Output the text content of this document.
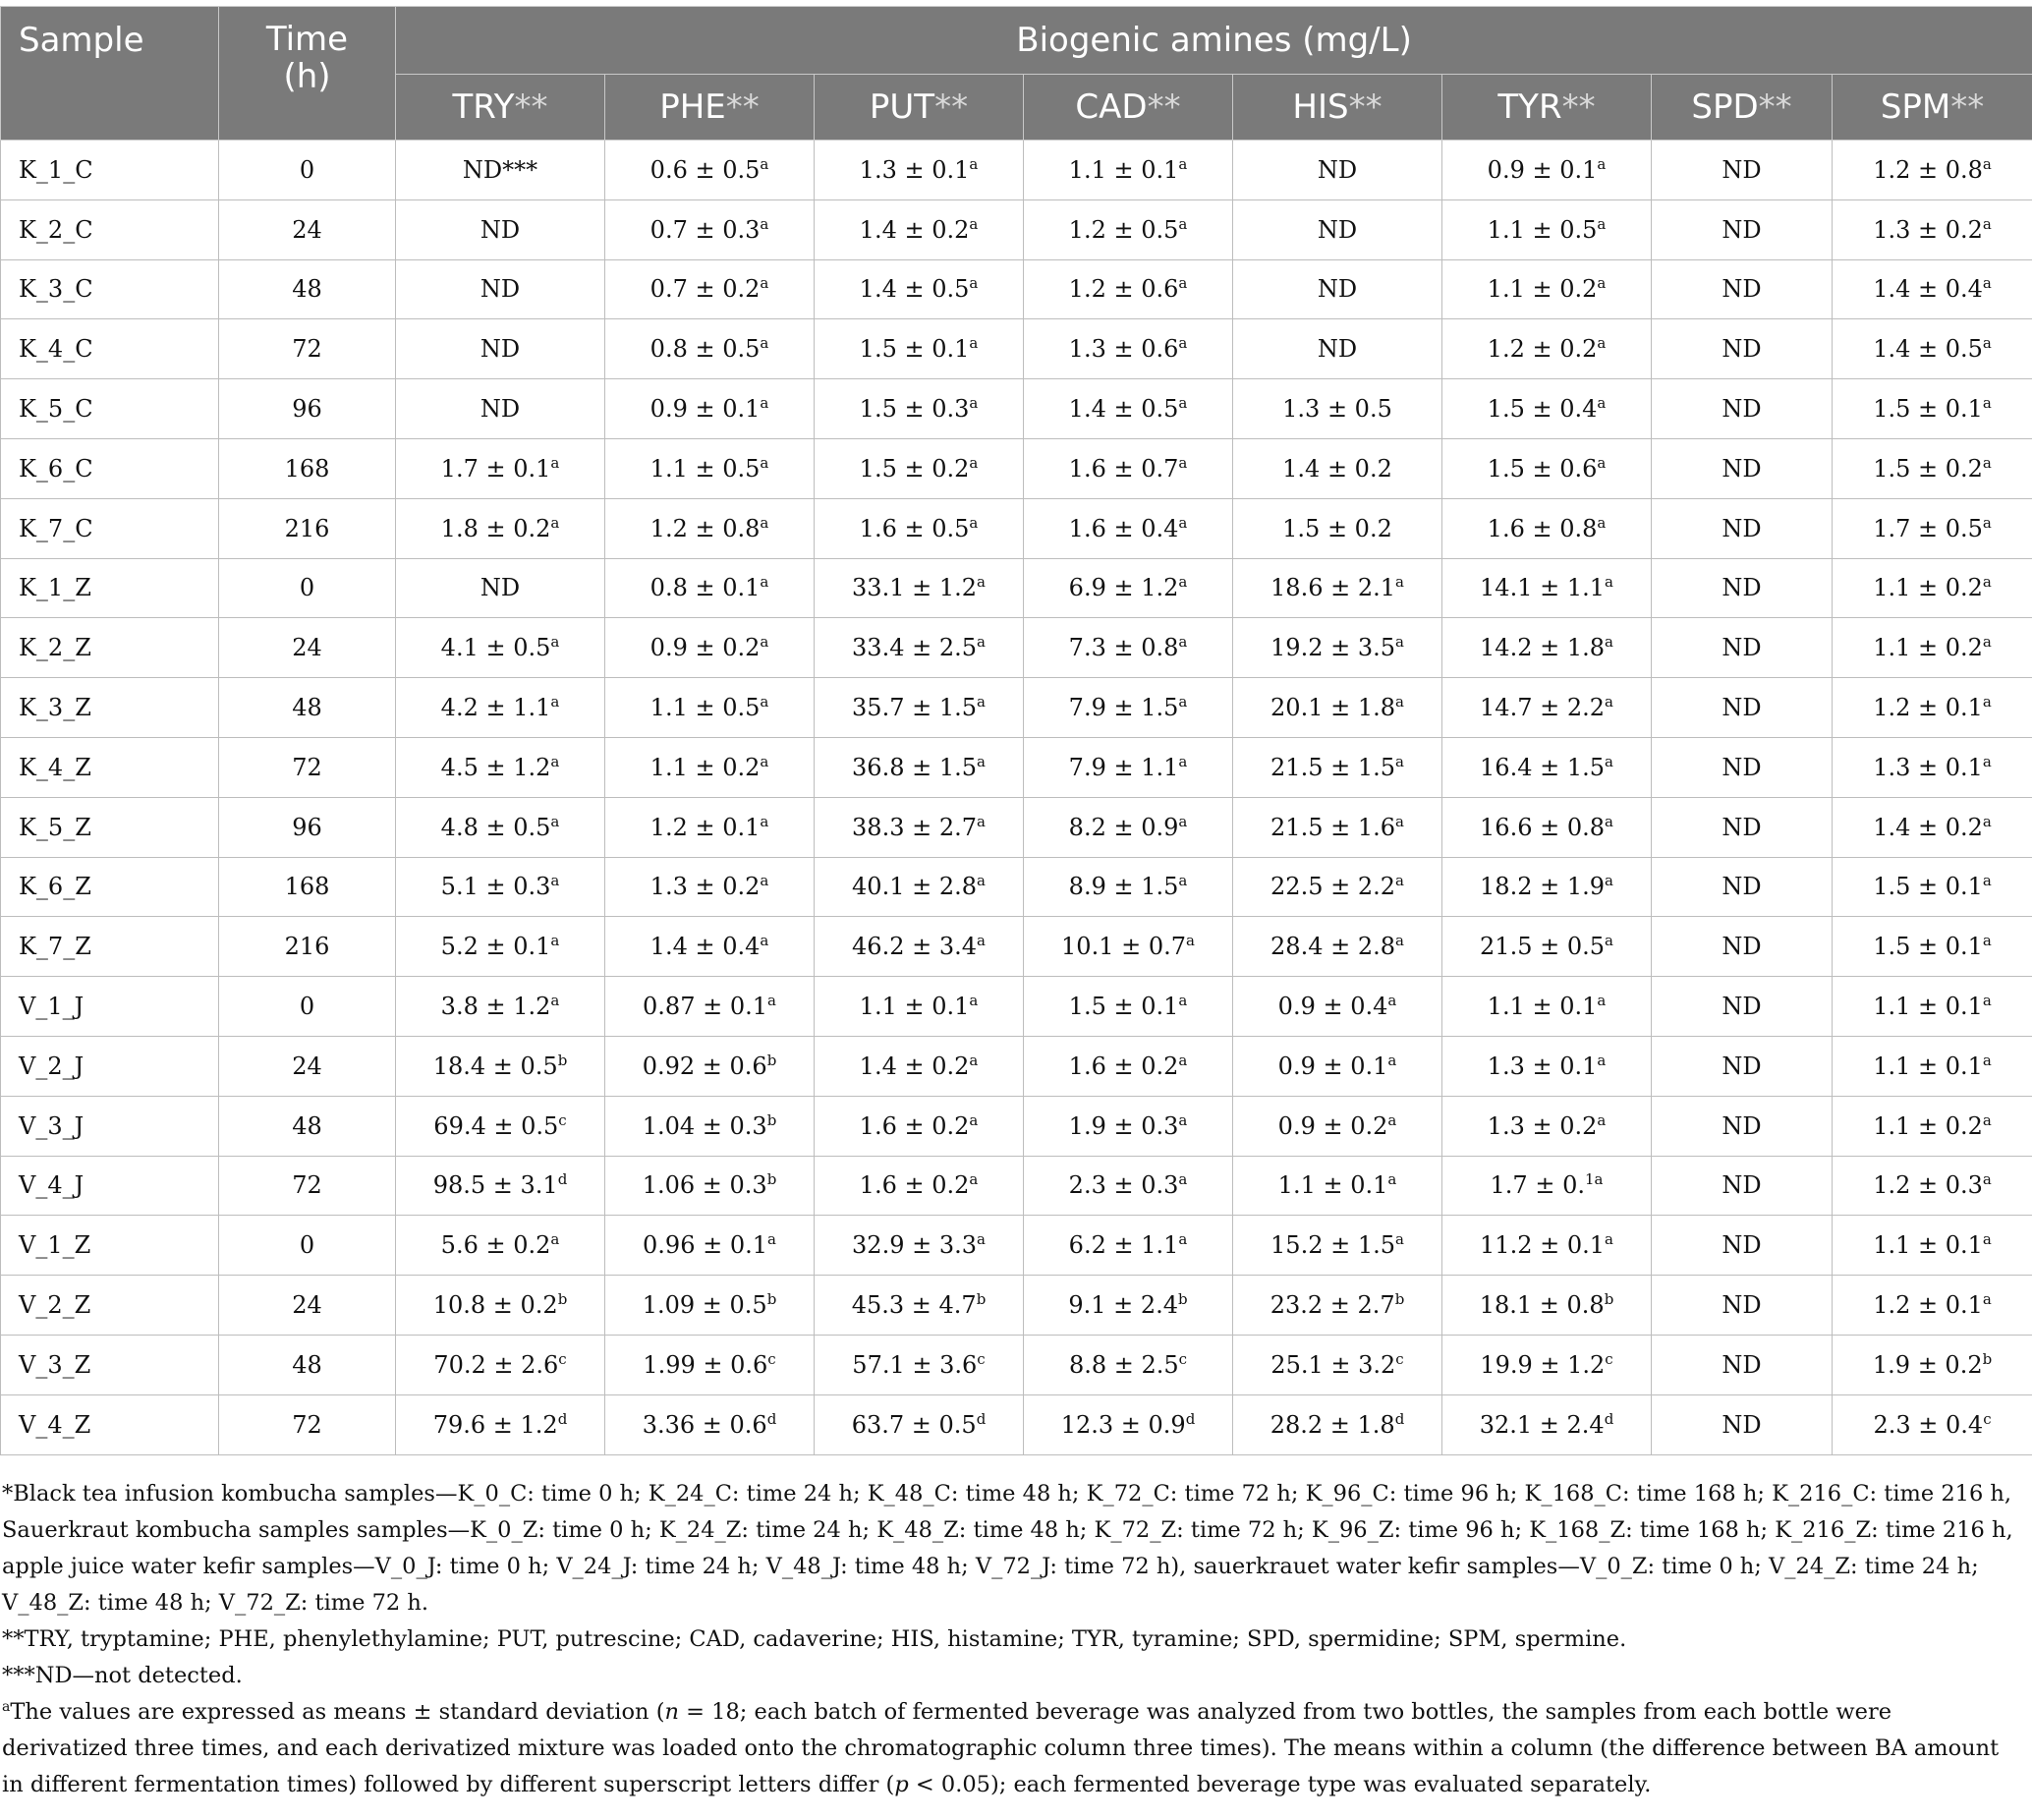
Sample	Time
(h)	Biogenic amines (mg/L)							
		TRY**	PHE**	PUT**	CAD**	HIS**	TYR**	SPD**	SPM**
K_1_C	0	ND***	0.6 ± 0.5$^a$	1.3 ± 0.1$^a$	1.1 ± 0.1$^a$	ND	0.9 ± 0.1$^a$	ND	1.2 ± 0.8$^a$
K_2_C	24	ND	0.7 ± 0.3$^a$	1.4 ± 0.2$^a$	1.2 ± 0.5$^a$	ND	1.1 ± 0.5$^a$	ND	1.3 ± 0.2$^a$
K_3_C	48	ND	0.7 ± 0.2$^a$	1.4 ± 0.5$^a$	1.2 ± 0.6$^a$	ND	1.1 ± 0.2$^a$	ND	1.4 ± 0.4$^a$
K_4_C	72	ND	0.8 ± 0.5$^a$	1.5 ± 0.1$^a$	1.3 ± 0.6$^a$	ND	1.2 ± 0.2$^a$	ND	1.4 ± 0.5$^a$
K_5_C	96	ND	0.9 ± 0.1$^a$	1.5 ± 0.3$^a$	1.4 ± 0.5$^a$	1.3 ± 0.5	1.5 ± 0.4$^a$	ND	1.5 ± 0.1$^a$
K_6_C	168	1.7 ± 0.1$^a$	1.1 ± 0.5$^a$	1.5 ± 0.2$^a$	1.6 ± 0.7$^a$	1.4 ± 0.2	1.5 ± 0.6$^a$	ND	1.5 ± 0.2$^a$
K_7_C	216	1.8 ± 0.2$^a$	1.2 ± 0.8$^a$	1.6 ± 0.5$^a$	1.6 ± 0.4$^a$	1.5 ± 0.2	1.6 ± 0.8$^a$	ND	1.7 ± 0.5$^a$
K_1_Z	0	ND	0.8 ± 0.1$^a$	33.1 ± 1.2$^a$	6.9 ± 1.2$^a$	18.6 ± 2.1$^a$	14.1 ± 1.1$^a$	ND	1.1 ± 0.2$^a$
K_2_Z	24	4.1 ± 0.5$^a$	0.9 ± 0.2$^a$	33.4 ± 2.5$^a$	7.3 ± 0.8$^a$	19.2 ± 3.5$^a$	14.2 ± 1.8$^a$	ND	1.1 ± 0.2$^a$
K_3_Z	48	4.2 ± 1.1$^a$	1.1 ± 0.5$^a$	35.7 ± 1.5$^a$	7.9 ± 1.5$^a$	20.1 ± 1.8$^a$	14.7 ± 2.2$^a$	ND	1.2 ± 0.1$^a$
K_4_Z	72	4.5 ± 1.2$^a$	1.1 ± 0.2$^a$	36.8 ± 1.5$^a$	7.9 ± 1.1$^a$	21.5 ± 1.5$^a$	16.4 ± 1.5$^a$	ND	1.3 ± 0.1$^a$
K_5_Z	96	4.8 ± 0.5$^a$	1.2 ± 0.1$^a$	38.3 ± 2.7$^a$	8.2 ± 0.9$^a$	21.5 ± 1.6$^a$	16.6 ± 0.8$^a$	ND	1.4 ± 0.2$^a$
K_6_Z	168	5.1 ± 0.3$^a$	1.3 ± 0.2$^a$	40.1 ± 2.8$^a$	8.9 ± 1.5$^a$	22.5 ± 2.2$^a$	18.2 ± 1.9$^a$	ND	1.5 ± 0.1$^a$
K_7_Z	216	5.2 ± 0.1$^a$	1.4 ± 0.4$^a$	46.2 ± 3.4$^a$	10.1 ± 0.7$^a$	28.4 ± 2.8$^a$	21.5 ± 0.5$^a$	ND	1.5 ± 0.1$^a$
V_1_J	0	3.8 ± 1.2$^a$	0.87 ± 0.1$^a$	1.1 ± 0.1$^a$	1.5 ± 0.1$^a$	0.9 ± 0.4$^a$	1.1 ± 0.1$^a$	ND	1.1 ± 0.1$^a$
V_2_J	24	18.4 ± 0.5$^b$	0.92 ± 0.6$^b$	1.4 ± 0.2$^a$	1.6 ± 0.2$^a$	0.9 ± 0.1$^a$	1.3 ± 0.1$^a$	ND	1.1 ± 0.1$^a$
V_3_J	48	69.4 ± 0.5$^c$	1.04 ± 0.3$^b$	1.6 ± 0.2$^a$	1.9 ± 0.3$^a$	0.9 ± 0.2$^a$	1.3 ± 0.2$^a$	ND	1.1 ± 0.2$^a$
V_4_J	72	98.5 ± 3.1$^d$	1.06 ± 0.3$^b$	1.6 ± 0.2$^a$	2.3 ± 0.3$^a$	1.1 ± 0.1$^a$	1.7 ± 0.$^{1a}$	ND	1.2 ± 0.3$^a$
V_1_Z	0	5.6 ± 0.2$^a$	0.96 ± 0.1$^a$	32.9 ± 3.3$^a$	6.2 ± 1.1$^a$	15.2 ± 1.5$^a$	11.2 ± 0.1$^a$	ND	1.1 ± 0.1$^a$
V_2_Z	24	10.8 ± 0.2$^b$	1.09 ± 0.5$^b$	45.3 ± 4.7$^b$	9.1 ± 2.4$^b$	23.2 ± 2.7$^b$	18.1 ± 0.8$^b$	ND	1.2 ± 0.1$^a$
V_3_Z	48	70.2 ± 2.6$^c$	1.99 ± 0.6$^c$	57.1 ± 3.6$^c$	8.8 ± 2.5$^c$	25.1 ± 3.2$^c$	19.9 ± 1.2$^c$	ND	1.9 ± 0.2$^b$
V_4_Z	72	79.6 ± 1.2$^d$	3.36 ± 0.6$^d$	63.7 ± 0.5$^d$	12.3 ± 0.9$^d$	28.2 ± 1.8$^d$	32.1 ± 2.4$^d$	ND	2.3 ± 0.4$^c$

*Black tea infusion kombucha samples—K_0_C: time 0 h; K_24_C: time 24 h; K_48_C: time 48 h; K_72_C: time 72 h; K_96_C: time 96 h; K_168_C: time 168 h; K_216_C: time 216 h, Sauerkraut kombucha samples samples—K_0_Z: time 0 h; K_24_Z: time 24 h; K_48_Z: time 48 h; K_72_Z: time 72 h; K_96_Z: time 96 h; K_168_Z: time 168 h; K_216_Z: time 216 h, apple juice water kefir samples—V_0_J: time 0 h; V_24_J: time 24 h; V_48_J: time 48 h; V_72_J: time 72 h), sauerkrauet water kefir samples—V_0_Z: time 0 h; V_24_Z: time 24 h; V_48_Z: time 48 h; V_72_Z: time 72 h.

**TRY, tryptamine; PHE, phenylethylamine; PUT, putrescine; CAD, cadaverine; HIS, histamine; TYR, tyramine; SPD, spermidine; SPM, spermine.

***ND—not detected.

$^a$The values are expressed as means ± standard deviation (n = 18; each batch of fermented beverage was analyzed from two bottles, the samples from each bottle were derivatized three times, and each derivatized mixture was loaded onto the chromatographic column three times). The means within a column (the difference between BA amount in different fermentation times) followed by different superscript letters differ (p < 0.05); each fermented beverage type was evaluated separately.
